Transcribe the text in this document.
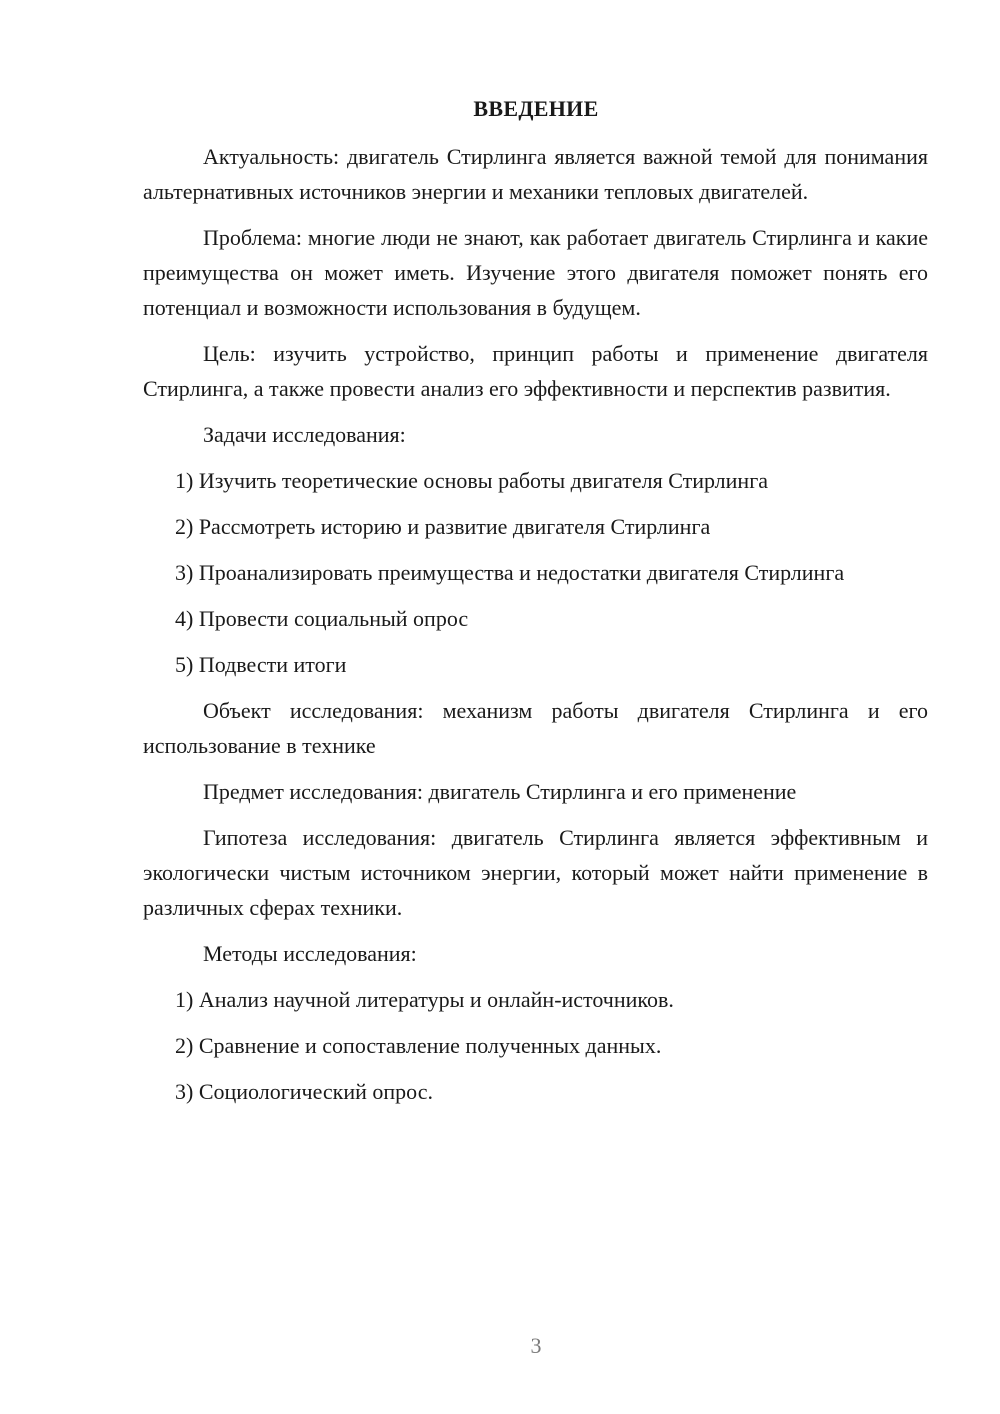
ВВЕДЕНИЕ

Актуальность: двигатель Стирлинга является важной темой для понимания альтернативных источников энергии и механики тепловых двигателей.

Проблема: многие люди не знают, как работает двигатель Стирлинга и какие преимущества он может иметь. Изучение этого двигателя поможет понять его потенциал и возможности использования в будущем.

Цель: изучить устройство, принцип работы и применение двигателя Стирлинга, а также провести анализ его эффективности и перспектив развития.

Задачи исследования:

1) Изучить теоретические основы работы двигателя Стирлинга

2) Рассмотреть историю и развитие двигателя Стирлинга

3) Проанализировать преимущества и недостатки двигателя Стирлинга

4) Провести социальный опрос

5) Подвести итоги

Объект исследования: механизм работы двигателя Стирлинга и его использование в технике

Предмет исследования: двигатель Стирлинга и его применение

Гипотеза исследования: двигатель Стирлинга является эффективным и экологически чистым источником энергии, который может найти применение в различных сферах техники.

Методы исследования:

1) Анализ научной литературы и онлайн-источников.

2) Сравнение и сопоставление полученных данных.

3) Социологический опрос.

3
